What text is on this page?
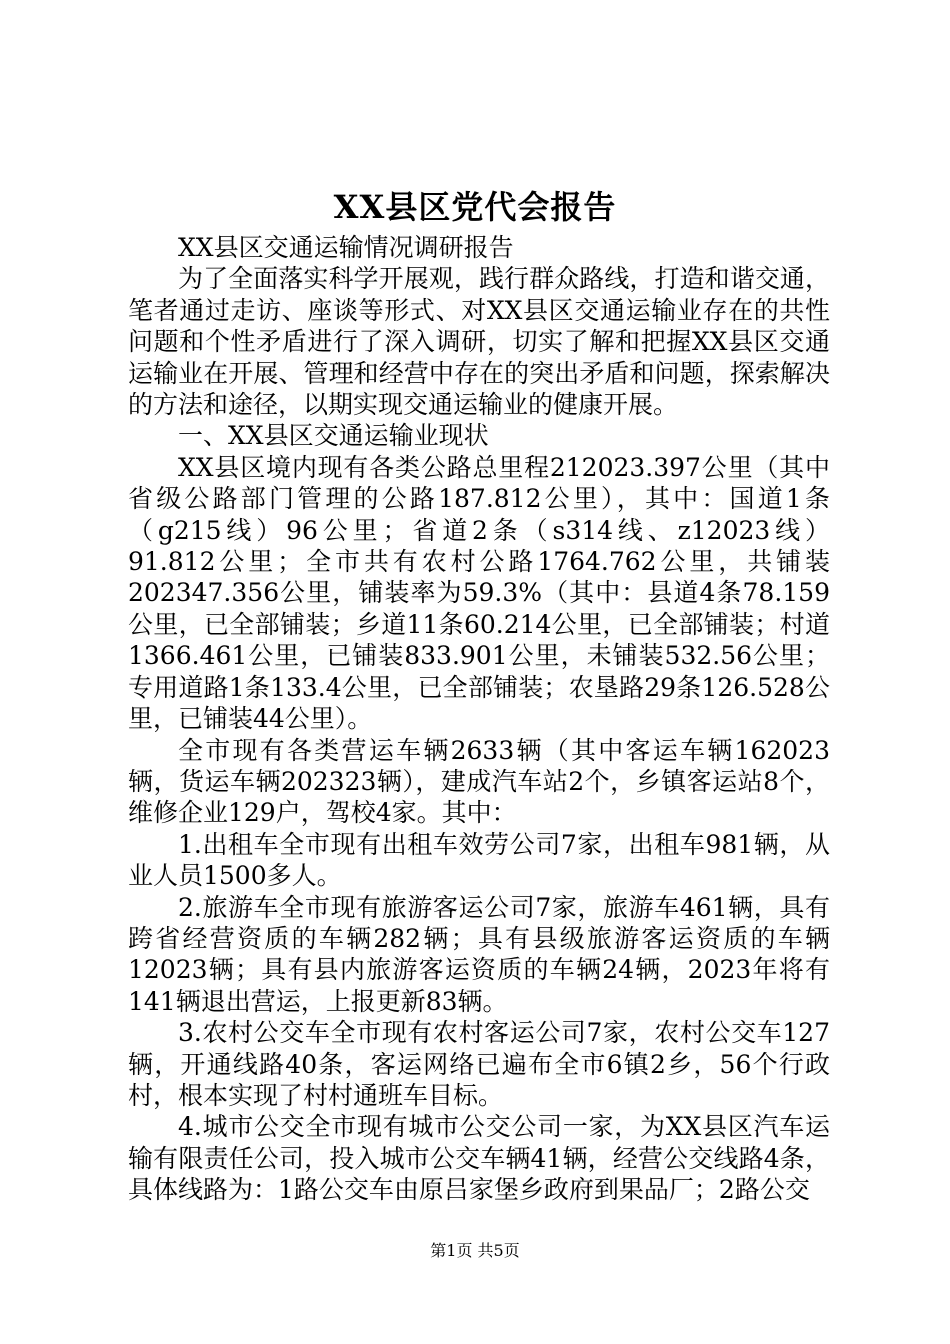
XX县区党代会报告

XX县区交通运输情况调研报告

为了全面落实科学开展观，践行群众路线，打造和谐交通，笔者通过走访、座谈等形式、对XX县区交通运输业存在的共性问题和个性矛盾进行了深入调研，切实了解和把握XX县区交通运输业在开展、管理和经营中存在的突出矛盾和问题，探索解决的方法和途径，以期实现交通运输业的健康开展。

一、XX县区交通运输业现状

XX县区境内现有各类公路总里程212023.397公里（其中省级公路部门管理的公路187.812公里），其中：国道1条（g215线）96公里；省道2条（s314线、z12023线）91.812公里；全市共有农村公路1764.762公里，共铺装202347.356公里，铺装率为59.3%（其中：县道4条78.159公里，已全部铺装；乡道11条60.214公里，已全部铺装；村道1366.461公里，已铺装833.901公里，未铺装532.56公里；专用道路1条133.4公里，已全部铺装；农垦路29条126.528公里，已铺装44公里）。

全市现有各类营运车辆2633辆（其中客运车辆162023辆，货运车辆202323辆），建成汽车站2个，乡镇客运站8个，维修企业129户，驾校4家。其中：

1.出租车全市现有出租车效劳公司7家，出租车981辆，从业人员1500多人。

2.旅游车全市现有旅游客运公司7家，旅游车461辆，具有跨省经营资质的车辆282辆；具有县级旅游客运资质的车辆12023辆；具有县内旅游客运资质的车辆24辆，2023年将有141辆退出营运，上报更新83辆。

3.农村公交车全市现有农村客运公司7家，农村公交车127辆，开通线路40条，客运网络已遍布全市6镇2乡，56个行政村，根本实现了村村通班车目标。

4.城市公交全市现有城市公交公司一家，为XX县区汽车运输有限责任公司，投入城市公交车辆41辆，经营公交线路4条，具体线路为：1路公交车由原吕家堡乡政府到果品厂；2路公交

第1页 共5页
